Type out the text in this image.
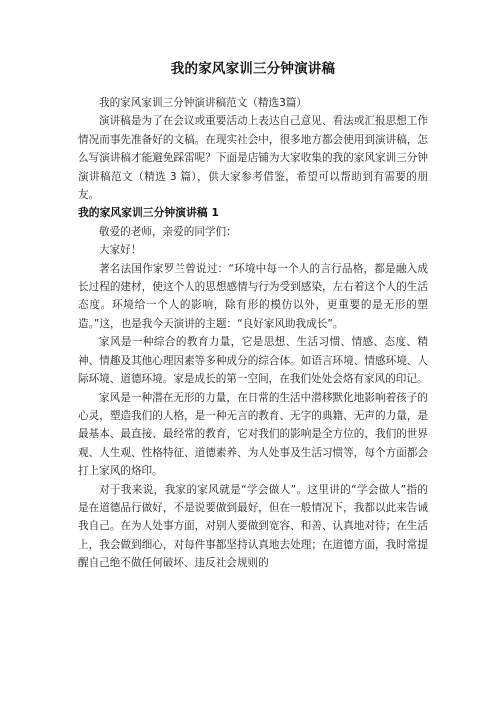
我的家风家训三分钟演讲稿

我的家风家训三分钟演讲稿范文（精选3篇）

演讲稿是为了在会议或重要活动上表达自己意见、看法或汇报思想工作情况而事先准备好的文稿。在现实社会中，很多地方都会使用到演讲稿，怎么写演讲稿才能避免踩雷呢？下面是店铺为大家收集的我的家风家训三分钟演讲稿范文（精选 3 篇），供大家参考借鉴，希望可以帮助到有需要的朋友。

我的家风家训三分钟演讲稿 1

敬爱的老师，亲爱的同学们：

大家好！

著名法国作家罗兰曾说过：“环境中每一个人的言行品格，都是融入成长过程的建材，使这个人的思想感情与行为受到感染，左右着这个人的生活态度。环境给一个人的影响，除有形的模仿以外，更重要的是无形的塑造。”这，也是我今天演讲的主题：“良好家风助我成长”。

家风是一种综合的教育力量，它是思想、生活习惯、情感、态度、精神、情趣及其他心理因素等多种成分的综合体。如语言环境、情感环境、人际环境、道德环境。家是成长的第一空间，在我们处处会烙有家风的印记。

家风是一种潜在无形的力量，在日常的生活中潜移默化地影响着孩子的心灵，塑造我们的人格，是一种无言的教育、无字的典籍、无声的力量，是最基本、最直接、最经常的教育，它对我们的影响是全方位的，我们的世界观、人生观、性格特征、道德素养、为人处事及生活习惯等，每个方面都会打上家风的烙印。

对于我来说，我家的家风就是“学会做人”。这里讲的“学会做人”指的是在道德品行做好，不是说要做到最好，但在一般情况下，我都以此来告诫我自己。在为人处事方面，对别人要做到宽容、和善、认真地对待；在生活上，我会做到细心，对每件事都坚持认真地去处理；在道德方面，我时常提醒自己绝不做任何破坏、违反社会规则的
